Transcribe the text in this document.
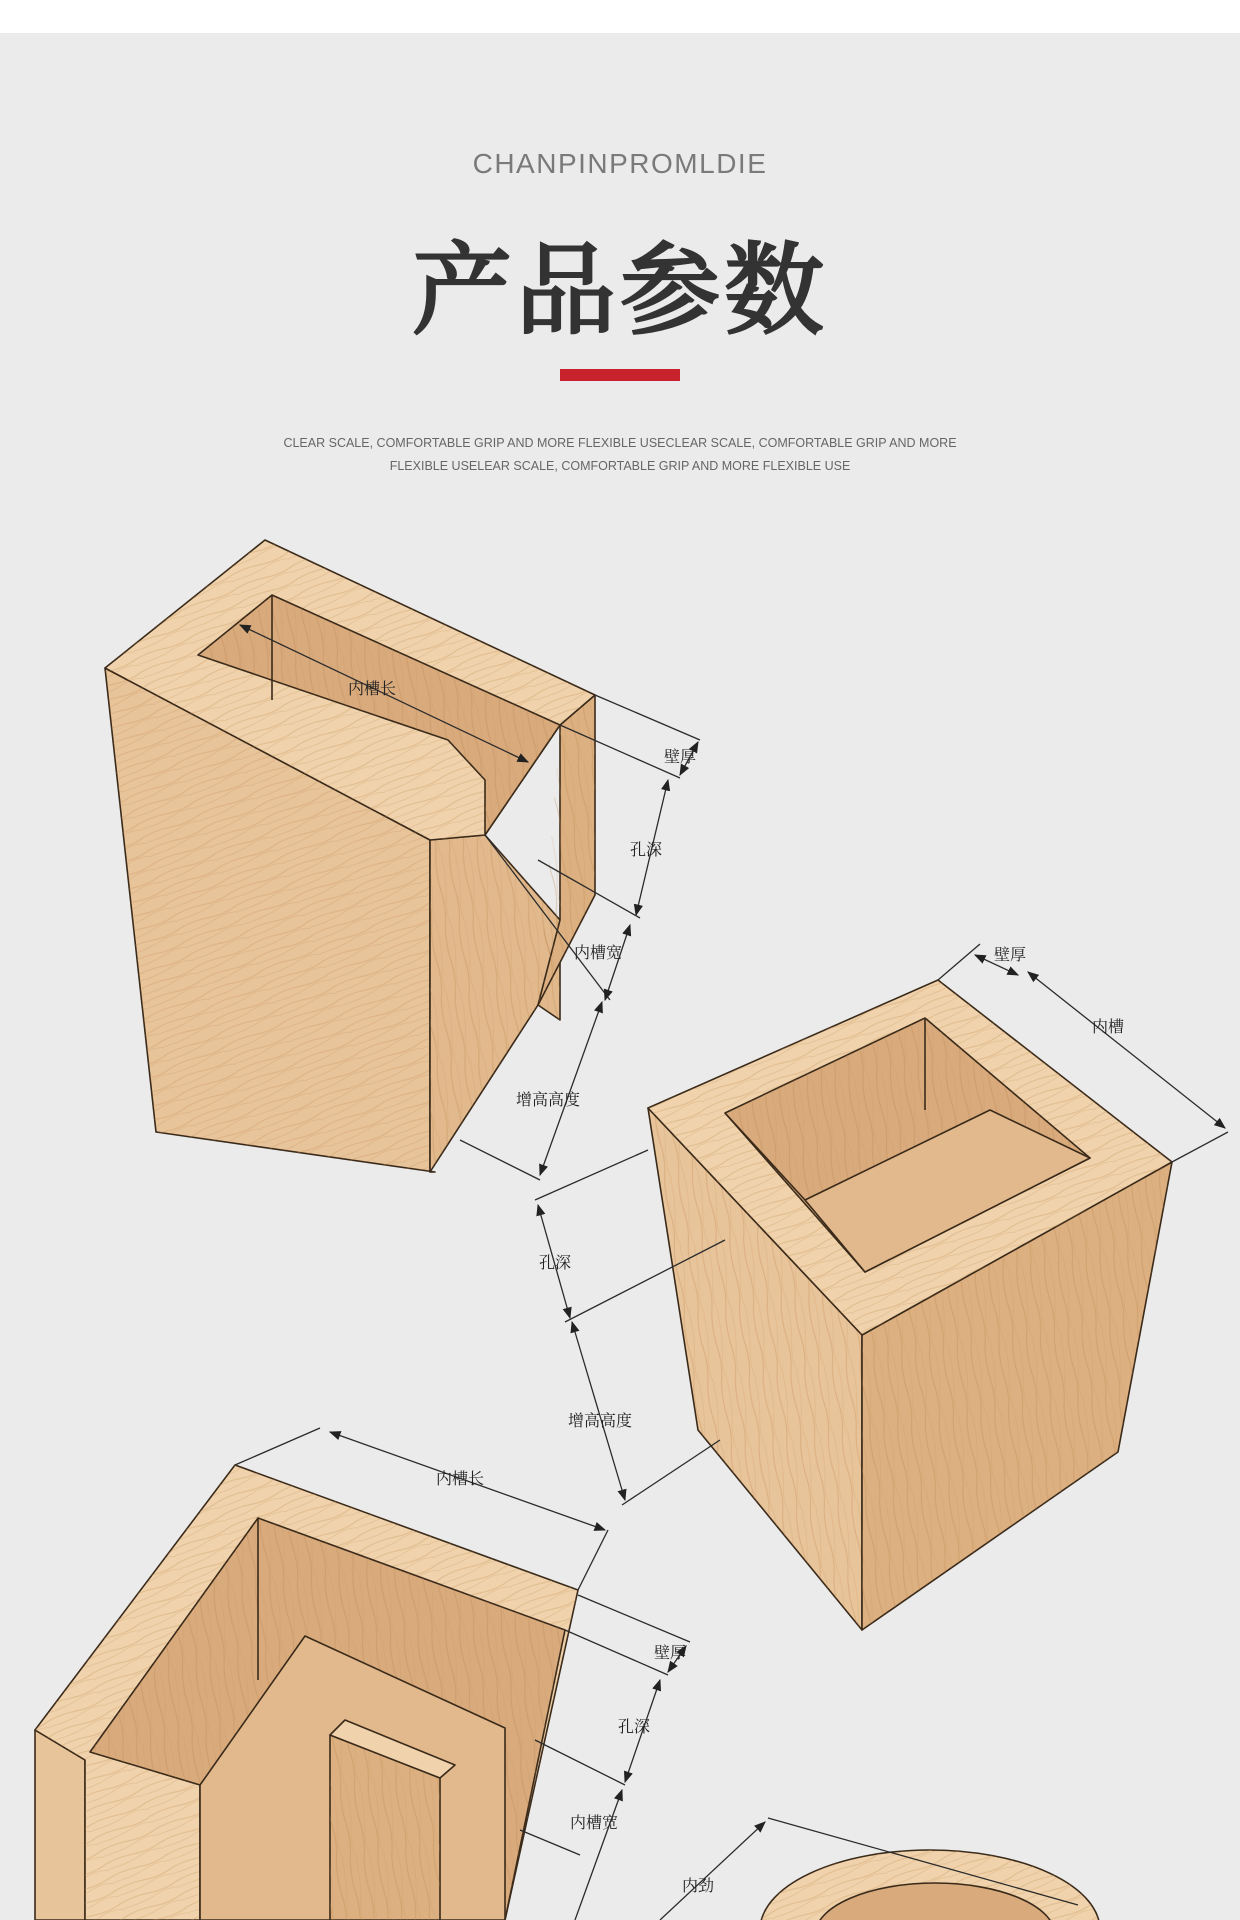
CHANPINPROMLDIE
产品参数
CLEAR SCALE, COMFORTABLE GRIP AND MORE FLEXIBLE USECLEAR SCALE, COMFORTABLE GRIP AND MORE
FLEXIBLE USELEAR SCALE, COMFORTABLE GRIP AND MORE FLEXIBLE USE
内槽长
壁厚
孔深
内槽宽
增高高度
壁厚
内槽
孔深
增高高度
内槽长
壁厚
孔深
内槽宽
内劲
